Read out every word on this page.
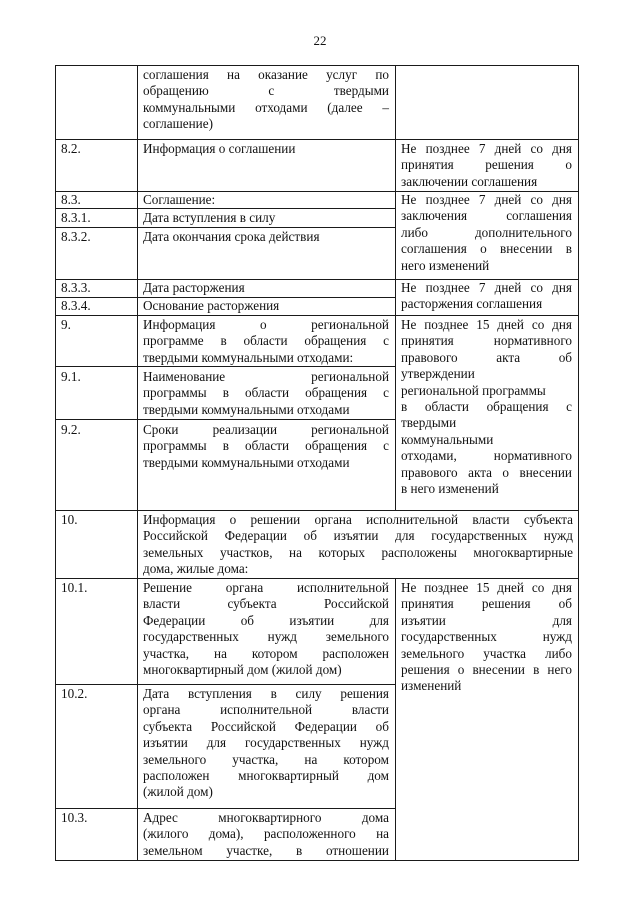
22
соглашения на оказание услуг по
обращению с твердыми
коммунальными отходами (далее –
соглашение)
8.2.	Информация о соглашении	Не позднее 7 дней со дня
принятия решения о
заключении соглашения
8.3.	Соглашение:
8.3.1.	Дата вступления в силу
8.3.2.	Дата окончания срока действия
Не позднее 7 дней со дня
заключения соглашения
либо дополнительного
соглашения о внесении в
него изменений
8.3.3.	Дата расторжения
8.3.4.	Основание расторжения
Не позднее 7 дней со дня
расторжения соглашения
9.	Информация о региональной
программе в области обращения с
твердыми коммунальными отходами:
9.1.	Наименование региональной
программы в области обращения с
твердыми коммунальными отходами
9.2.	Сроки реализации региональной
программы в области обращения с
твердыми коммунальными отходами
Не позднее 15 дней со дня
принятия нормативного
правового акта об
утверждении
региональной программы
в области обращения с
твердыми
коммунальными
отходами, нормативного
правового акта о внесении
в него изменений
10.	Информация о решении органа исполнительной власти субъекта
Российской Федерации об изъятии для государственных нужд
земельных участков, на которых расположены многоквартирные
дома, жилые дома:
10.1.	Решение органа исполнительной
власти субъекта Российской
Федерации об изъятии для
государственных нужд земельного
участка, на котором расположен
многоквартирный дом (жилой дом)
Не позднее 15 дней со дня
принятия решения об
изъятии для
государственных нужд
земельного участка либо
решения о внесении в него
изменений
10.2.	Дата вступления в силу решения
органа исполнительной власти
субъекта Российской Федерации об
изъятии для государственных нужд
земельного участка, на котором
расположен многоквартирный дом
(жилой дом)
10.3.	Адрес многоквартирного дома
(жилого дома), расположенного на
земельном участке, в отношении
